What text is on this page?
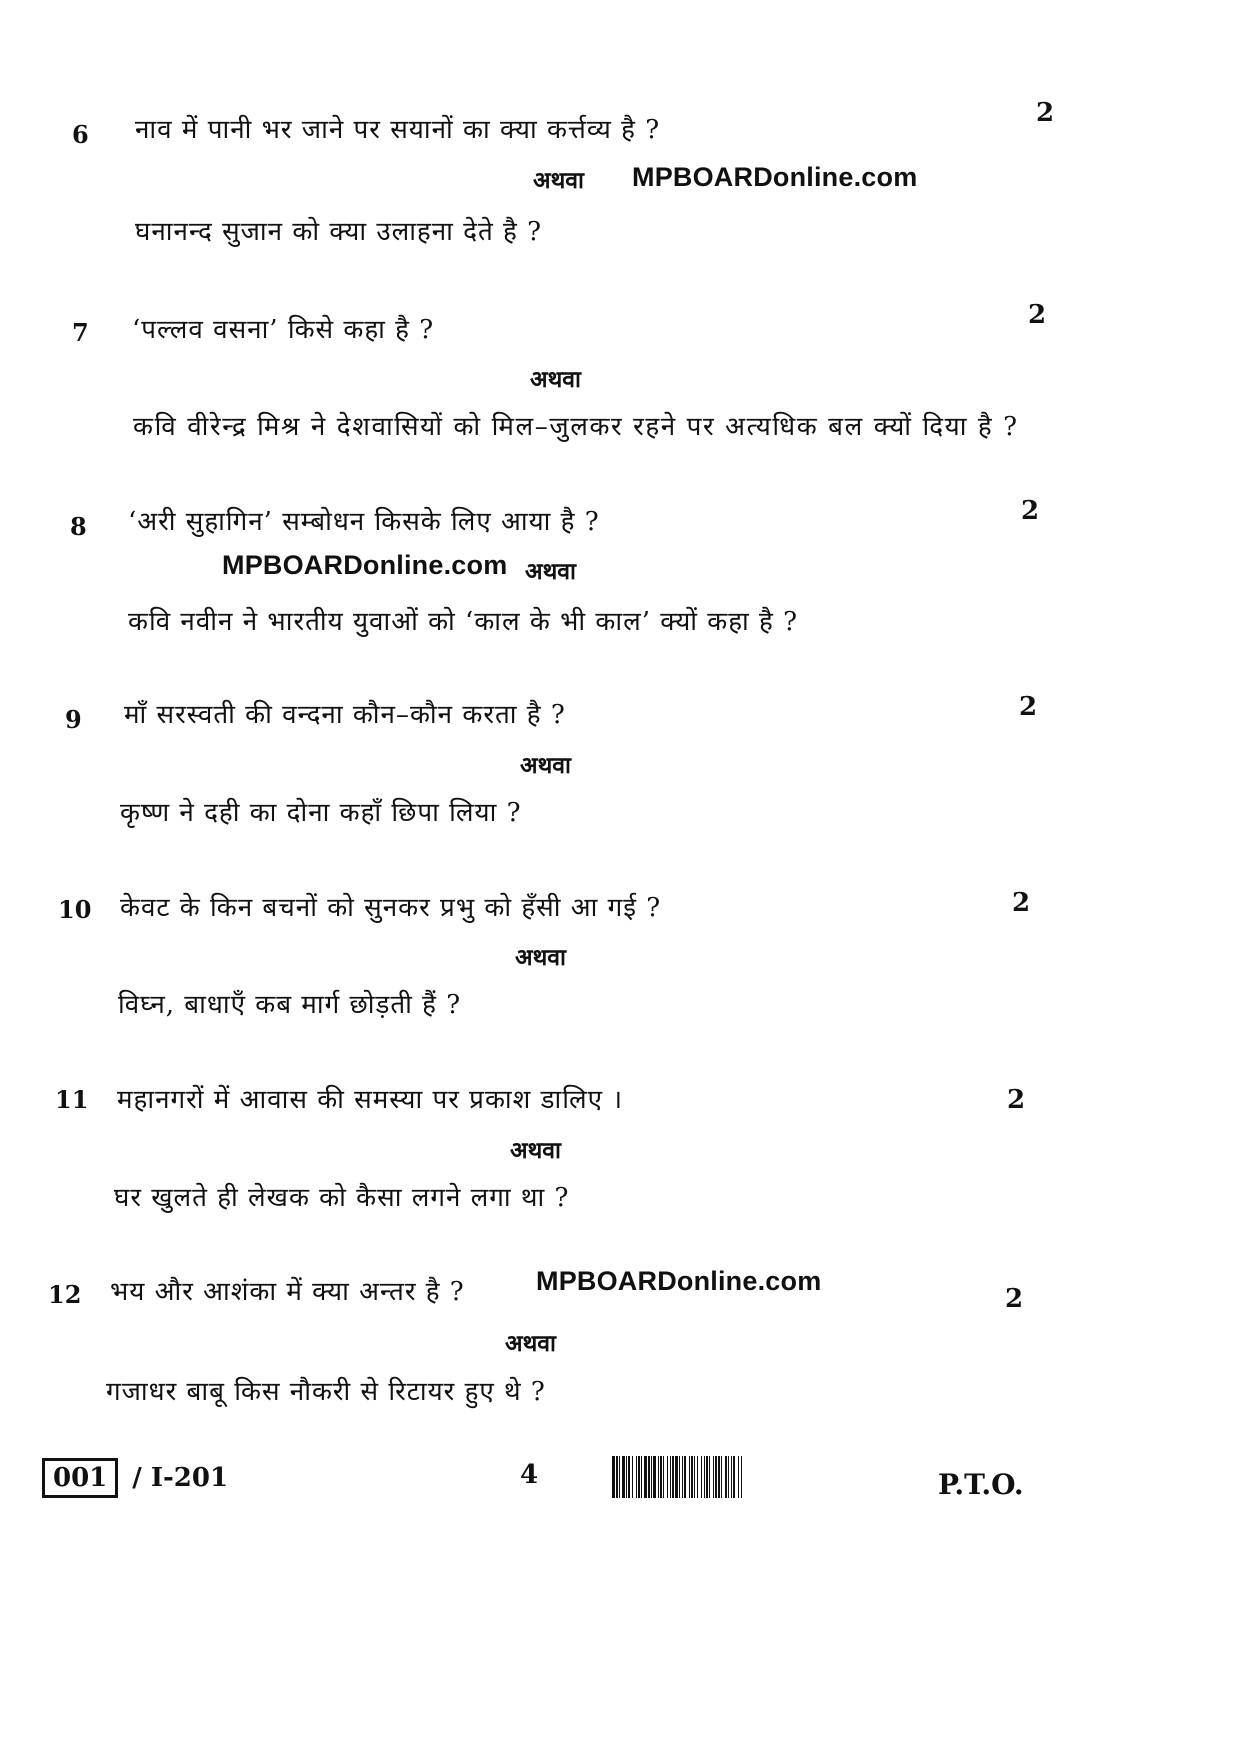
6 नाव में पानी भर जाने पर सयानों का क्या कर्त्तव्य है ?
2
अथवा MPBOARDonline.com
घनानन्द सुजान को क्या उलाहना देते है ?
7 ‘पल्लव वसना’ किसे कहा है ?	2
अथवा
कवि वीरेन्द्र मिश्र ने देशवासियों को मिल–जुलकर रहने पर अत्यधिक बल क्यों दिया है ?
8 ‘अरी सुहागिन’ सम्बोधन किसके लिए आया है ?	2
MPBOARDonline.com अथवा
कवि नवीन ने भारतीय युवाओं को ‘काल के भी काल’ क्यों कहा है ?
9 माँ सरस्वती की वन्दना कौन–कौन करता है ?	2
अथवा
कृष्ण ने दही का दोना कहाँ छिपा लिया ?
10 केवट के किन बचनों को सुनकर प्रभु को हँसी आ गई ?	2
अथवा
विघ्न, बाधाएँ कब मार्ग छोड़ती हैं ?
11 महानगरों में आवास की समस्या पर प्रकाश डालिए ।	2
अथवा
घर खुलते ही लेखक को कैसा लगने लगा था ?
12 भय और आशंका में क्या अन्तर है ?	MPBOARDonline.com
2
अथवा
गजाधर बाबू किस नौकरी से रिटायर हुए थे ?
001 / I-201	4	P.T.O.
